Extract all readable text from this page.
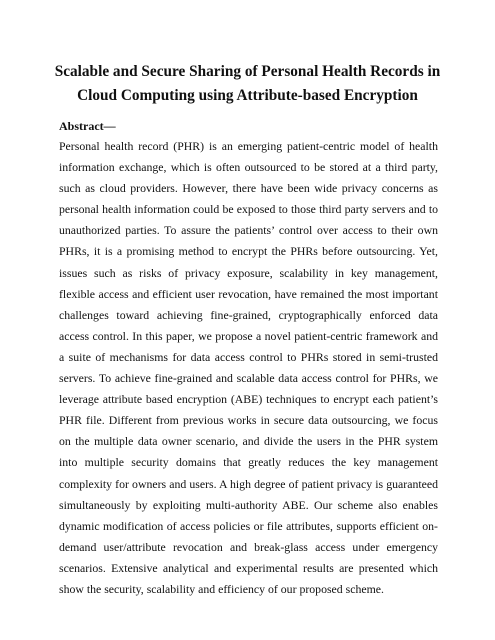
Scalable and Secure Sharing of Personal Health Records in
Cloud Computing using Attribute-based Encryption
Abstract—

Personal health record (PHR) is an emerging patient-centric model of health information exchange, which is often outsourced to be stored at a third party, such as cloud providers. However, there have been wide privacy concerns as personal health information could be exposed to those third party servers and to unauthorized parties. To assure the patients’ control over access to their own PHRs, it is a promising method to encrypt the PHRs before outsourcing. Yet, issues such as risks of privacy exposure, scalability in key management, flexible access and efficient user revocation, have remained the most important challenges toward achieving fine-grained, cryptographically enforced data access control. In this paper, we propose a novel patient-centric framework and a suite of mechanisms for data access control to PHRs stored in semi-trusted servers. To achieve fine-grained and scalable data access control for PHRs, we leverage attribute based encryption (ABE) techniques to encrypt each patient’s PHR file. Different from previous works in secure data outsourcing, we focus on the multiple data owner scenario, and divide the users in the PHR system into multiple security domains that greatly reduces the key management complexity for owners and users. A high degree of patient privacy is guaranteed simultaneously by exploiting multi-authority ABE. Our scheme also enables dynamic modification of access policies or file attributes, supports efficient on-demand user/attribute revocation and break-glass access under emergency scenarios. Extensive analytical and experimental results are presented which show the security, scalability and efficiency of our proposed scheme.
